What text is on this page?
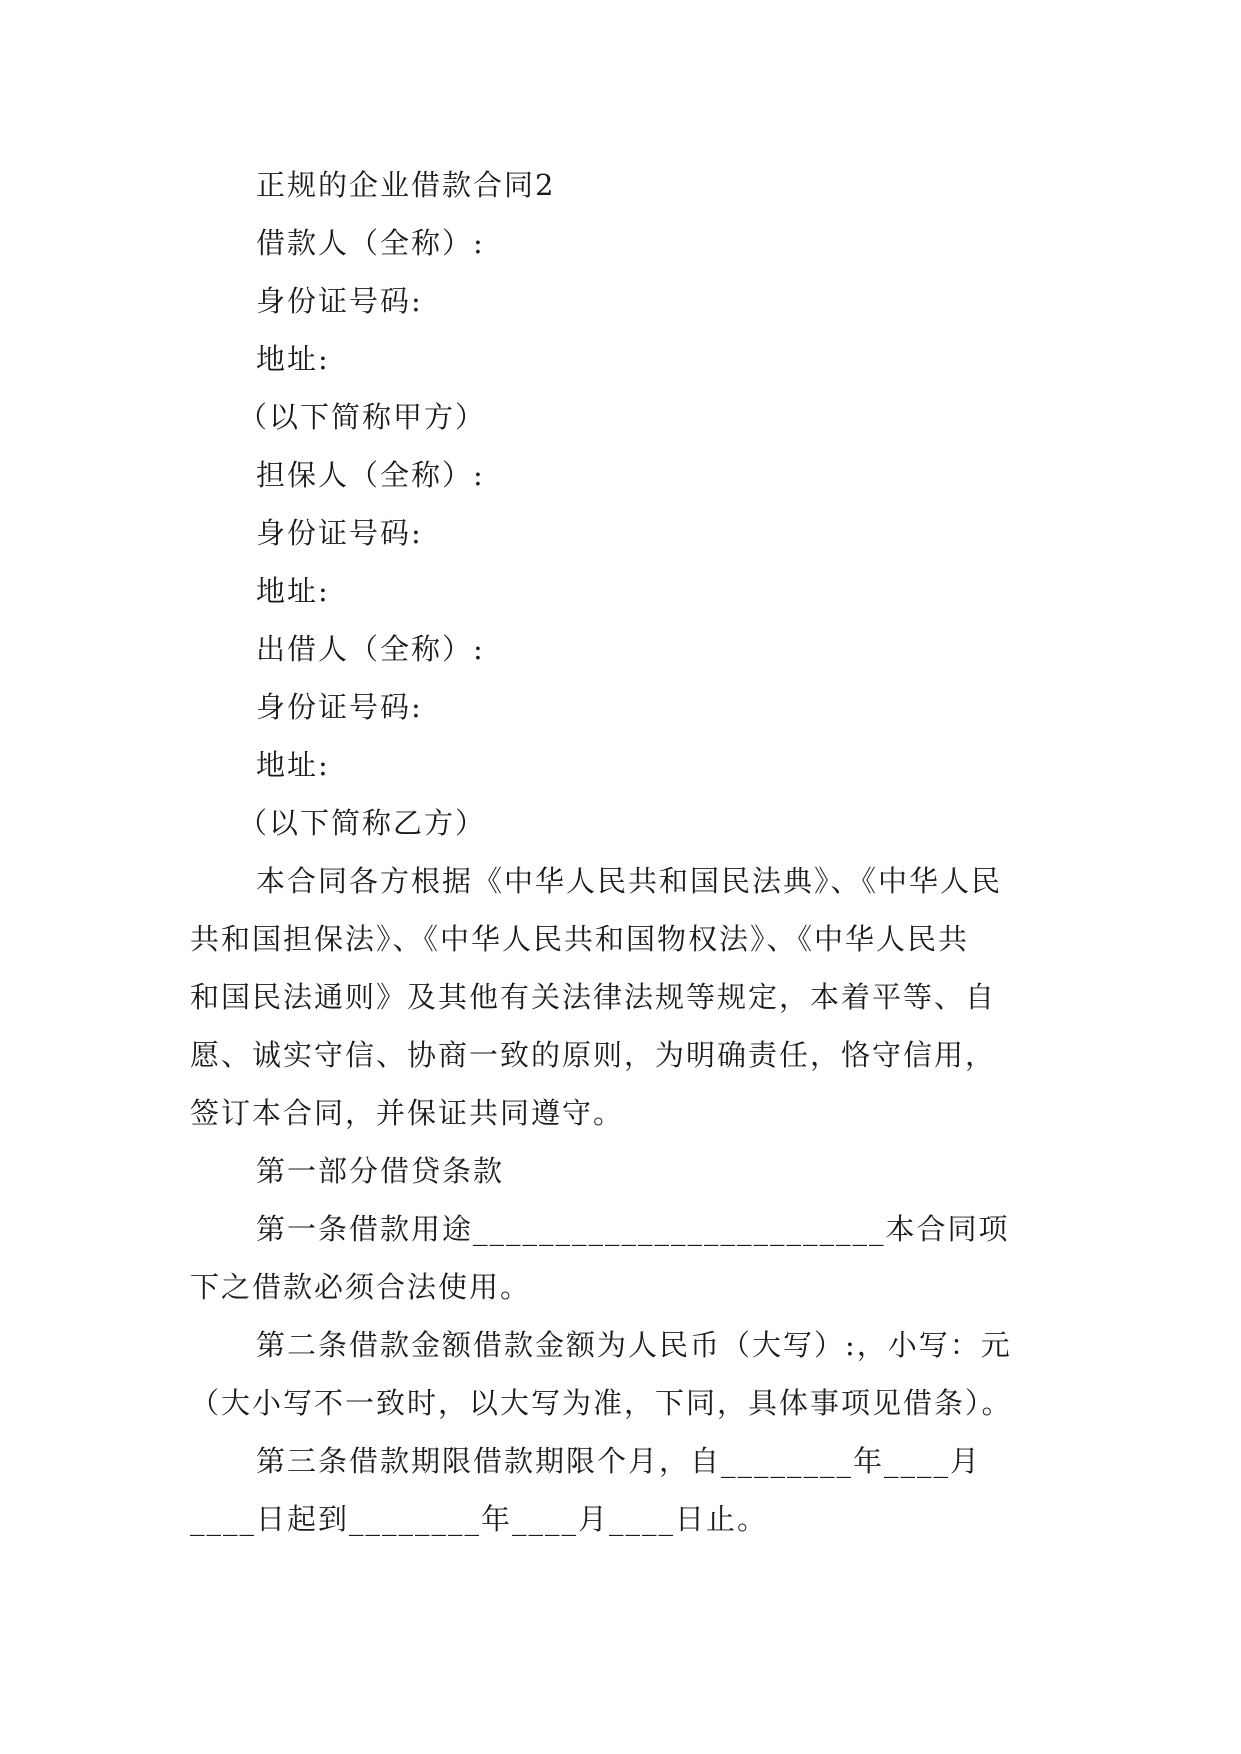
正规的企业借款合同2
借款人（全称）:
身份证号码:
地址:
（以下简称甲方）
担保人（全称）:
身份证号码:
地址:
出借人（全称）:
身份证号码:
地址:
（以下简称乙方）
本合同各方根据《中华人民共和国民法典》、《中华人民
共和国担保法》、《中华人民共和国物权法》、《中华人民共
和国民法通则》及其他有关法律法规等规定，本着平等、自
愿、诚实守信、协商一致的原则，为明确责任，恪守信用，
签订本合同，并保证共同遵守。
第一部分借贷条款
第一条借款用途_________________________本合同项
下之借款必须合法使用。
第二条借款金额借款金额为人民币（大写）:，小写：元
（大小写不一致时，以大写为准，下同，具体事项见借条）。
第三条借款期限借款期限个月，自________年____月
____日起到________年____月____日止。
